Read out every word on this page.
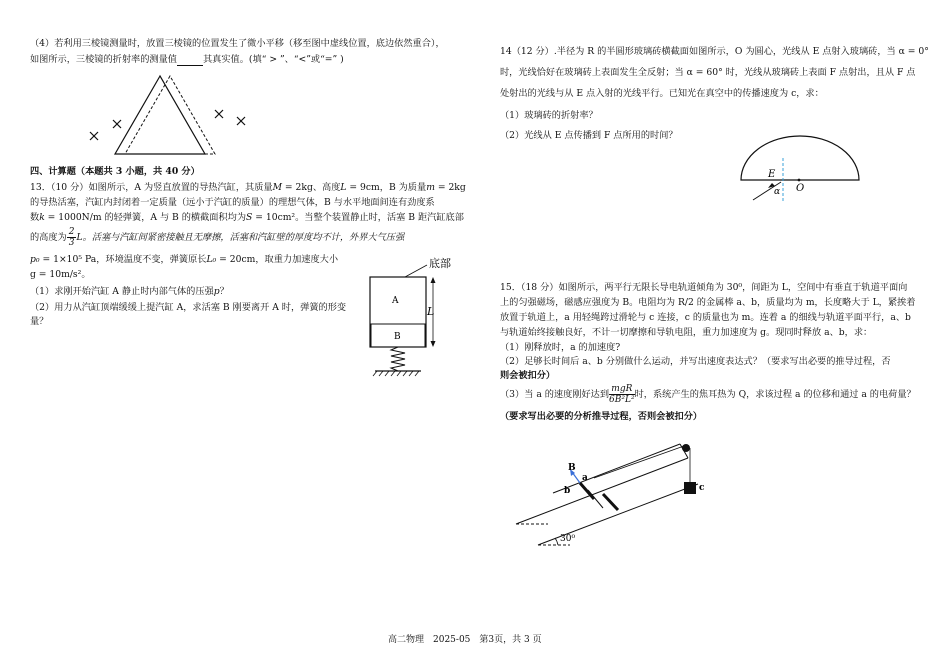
（4）若利用三棱镜测量时，放置三棱镜的位置发生了微小平移（移至图中虚线位置，底边依然重合），
如图所示，三棱镜的折射率的测量值	其真实值。(填“ > ”、“<”或“=” )
四、计算题（本题共 3 小题，共 40 分）
13．（10 分）如图所示，A 为竖直放置的导热汽缸，其质量M = 2kg、高度L = 9cm，B 为质量m = 2kg
的导热活塞，汽缸内封闭着一定质量（远小于汽缸的质量）的理想气体，B 与水平地面间连有劲度系
数k = 1000N/m 的轻弹簧，A 与 B 的横截面积均为S = 10cm²。当整个装置静止时，活塞 B 距汽缸底部
的高度为 $\frac{2}{3}$ L。活塞与汽缸间紧密接触且无摩擦，活塞和汽缸壁的厚度均不计，外界大气压强
p₀ = 1×10⁵ Pa，环境温度不变，弹簧原长L₀ = 20cm，取重力加速度大小
g = 10m/s²。
（1）求刚开始汽缸 A 静止时内部气体的压强p？
（2）用力从汽缸顶端缓缓上提汽缸 A，求活塞 B 刚要离开 A 时，弹簧的形变
量？
A
B
底部
L
14（12 分）.半径为 R 的半圆形玻璃砖横截面如图所示，O 为圆心，光线从 E 点射入玻璃砖，当 α = 0°
时，光线恰好在玻璃砖上表面发生全反射；当 α = 60° 时，光线从玻璃砖上表面 F 点射出，且从 F 点
处射出的光线与从 E 点入射的光线平行。已知光在真空中的传播速度为 c，求：
（1）玻璃砖的折射率？
（2）光线从 E 点传播到 F 点所用的时间？
E
O
α
15．（18 分）如图所示，两平行无限长导电轨道倾角为 30⁰，间距为 L，空间中有垂直于轨道平面向
上的匀强磁场，磁感应强度为 B。电阻均为 R/2 的金属棒 a、b，质量均为 m，长度略大于 L，紧挨着
放置于轨道上，a 用轻绳跨过滑轮与 c 连接，c 的质量也为 m。连着 a 的细线与轨道平面平行，a、b
与轨道始终接触良好，不计一切摩擦和导轨电阻，重力加速度为 g。现同时释放 a、b，求：
（1）刚释放时，a 的加速度?
（2）足够长时间后 a、b 分别做什么运动，并写出速度表达式？（要求写出必要的推导过程，否
则会被扣分）
（3）当 a 的速度刚好达到 $\frac{\text{mgR}}{\text{6B²L²}}$ 时，系统产生的焦耳热为 Q，求该过程 a 的位移和通过 a 的电荷量？
（要求写出必要的分析推导过程，否则会被扣分）
B
a
b	c
30⁰
高二物理　2025-05　第3页，共 3 页
